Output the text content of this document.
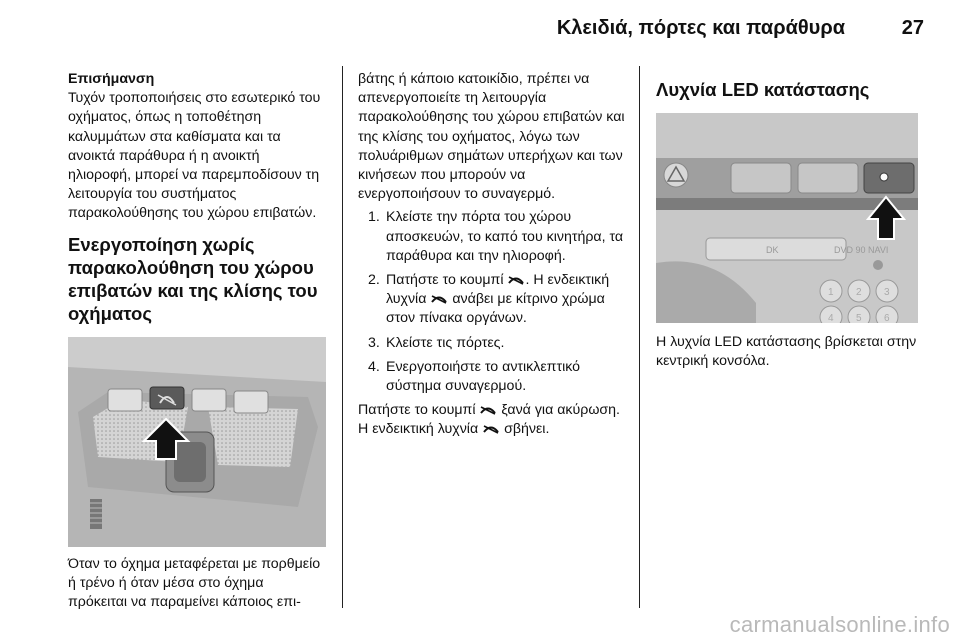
Κλειδιά, πόρτες και παράθυρα	27
Επισήμανση

Τυχόν τροποποιήσεις στο εσωτερικό του οχήματος, όπως η τοποθέτηση καλυμμάτων στα καθίσματα και τα ανοικτά παράθυρα ή η ανοικτή ηλιοροφή, μπορεί να παρεμποδίσουν τη λειτουργία του συστήματος παρακολούθησης του χώρου επιβατών.

Ενεργοποίηση χωρίς παρακολούθηση του χώρου επιβατών και της κλίσης του οχήματος

Όταν το όχημα μεταφέρεται με πορθμείο ή τρένο ή όταν μέσα στο όχημα πρόκειται να παραμείνει κάποιος επι-

βάτης ή κάποιο κατοικίδιο, πρέπει να απενεργοποιείτε τη λειτουργία παρακολούθησης του χώρου επιβατών και της κλίσης του οχήματος, λόγω των πολυάριθμων σημάτων υπερήχων και των κινήσεων που μπορούν να ενεργοποιήσουν το συναγερμό.

1. Κλείστε την πόρτα του χώρου αποσκευών, το καπό του κινητήρα, τα παράθυρα και την ηλιοροφή.
2. Πατήστε το κουμπί . Η ενδεικτική λυχνία ανάβει με κίτρινο χρώμα στον πίνακα οργάνων.
3. Κλείστε τις πόρτες.
4. Ενεργοποιήστε το αντικλεπτικό σύστημα συναγερμού.

Πατήστε το κουμπί ξανά για ακύρωση. Η ενδεικτική λυχνία σβήνει.

Λυχνία LED κατάστασης
DK	DVD 90 NAVI
1 2 3
4 5 6

Η λυχνία LED κατάστασης βρίσκεται στην κεντρική κονσόλα.

carmanualsonline.info
